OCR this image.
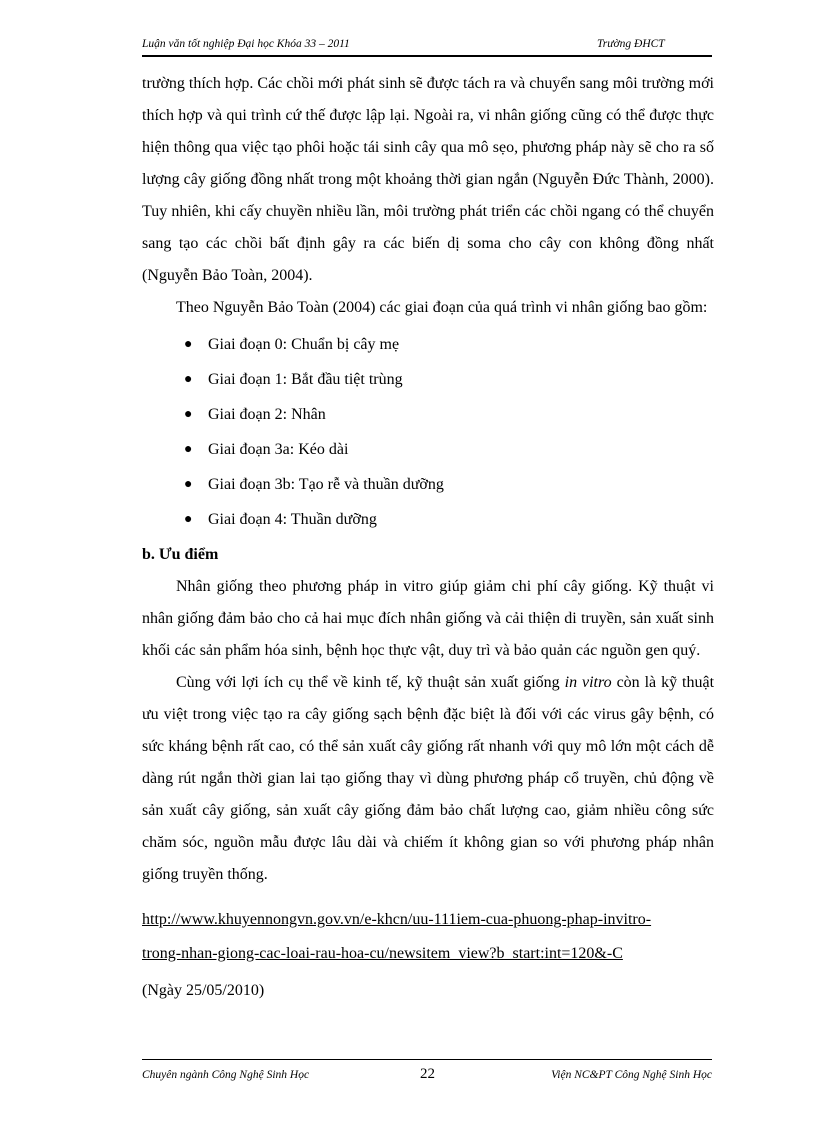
Luận văn tốt nghiệp Đại học Khóa 33 – 2011	Trường ĐHCT

trường thích hợp. Các chồi mới phát sinh sẽ được tách ra và chuyển sang môi trường mới thích hợp và qui trình cứ thế được lập lại. Ngoài ra, vi nhân giống cũng có thể được thực hiện thông qua việc tạo phôi hoặc tái sinh cây qua mô sẹo, phương pháp này sẽ cho ra số lượng cây giống đồng nhất trong một khoảng thời gian ngắn (Nguyễn Đức Thành, 2000). Tuy nhiên, khi cấy chuyền nhiều lần, môi trường phát triển các chồi ngang có thể chuyển sang tạo các chồi bất định gây ra các biến dị soma cho cây con không đồng nhất (Nguyễn Bảo Toàn, 2004).

Theo Nguyễn Bảo Toàn (2004) các giai đoạn của quá trình vi nhân giống bao gồm:

● Giai đoạn 0: Chuẩn bị cây mẹ
● Giai đoạn 1: Bắt đầu tiệt trùng
● Giai đoạn 2: Nhân
● Giai đoạn 3a: Kéo dài
● Giai đoạn 3b: Tạo rễ và thuần dưỡng
● Giai đoạn 4: Thuần dưỡng

b. Ưu điểm

Nhân giống theo phương pháp in vitro giúp giảm chi phí cây giống. Kỹ thuật vi nhân giống đảm bảo cho cả hai mục đích nhân giống và cải thiện di truyền, sản xuất sinh khối các sản phẩm hóa sinh, bệnh học thực vật, duy trì và bảo quản các nguồn gen quý.

Cùng với lợi ích cụ thể về kinh tế, kỹ thuật sản xuất giống in vitro còn là kỹ thuật ưu việt trong việc tạo ra cây giống sạch bệnh đặc biệt là đối với các virus gây bệnh, có sức kháng bệnh rất cao, có thể sản xuất cây giống rất nhanh với quy mô lớn một cách dễ dàng rút ngắn thời gian lai tạo giống thay vì dùng phương pháp cổ truyền, chủ động về sản xuất cây giống, sản xuất cây giống đảm bảo chất lượng cao, giảm nhiều công sức chăm sóc, nguồn mẫu được lâu dài và chiếm ít không gian so với phương pháp nhân giống truyền thống.

http://www.khuyennongvn.gov.vn/e-khcn/uu-111iem-cua-phuong-phap-invitro-
trong-nhan-giong-cac-loai-rau-hoa-cu/newsitem_view?b_start:int=120&-C
(Ngày 25/05/2010)
Chuyên ngành Công Nghệ Sinh Học	22	Viện NC&PT Công Nghệ Sinh Học
